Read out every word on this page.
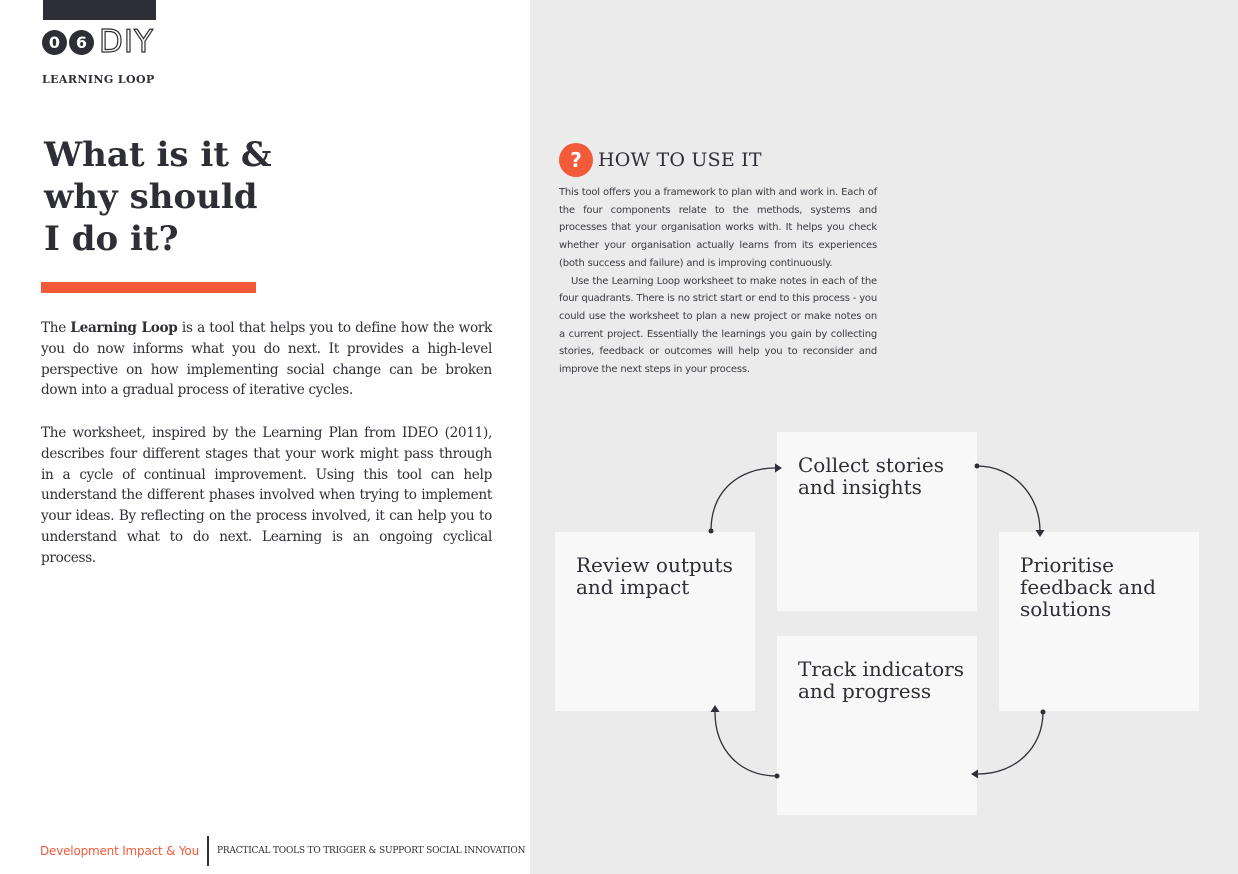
0 6 DIY
LEARNING LOOP
What is it &
why should
I do it?

The Learning Loop is a tool that helps you to define how the work you do now informs what you do next. It provides a high-level perspective on how implementing social change can be broken down into a gradual process of iterative cycles.

The worksheet, inspired by the Learning Plan from IDEO (2011), describes four different stages that your work might pass through in a cycle of continual improvement. Using this tool can help understand the different phases involved when trying to implement your ideas. By reflecting on the process involved, it can help you to understand what to do next. Learning is an ongoing cyclical process.

Development Impact & You PRACTICAL TOOLS TO TRIGGER & SUPPORT SOCIAL INNOVATION
? HOW TO USE IT

This tool offers you a framework to plan with and work in. Each of the four components relate to the methods, systems and processes that your organisation works with. It helps you check whether your organisation actually learns from its experiences (both success and failure) and is improving continuously.
Use the Learning Loop worksheet to make notes in each of the four quadrants. There is no strict start or end to this process - you could use the worksheet to plan a new project or make notes on a current project. Essentially the learnings you gain by collecting stories, feedback or outcomes will help you to reconsider and improve the next steps in your process.

Collect stories and insights

Prioritise feedback and solutions

Review outputs and impact

Track indicators and progress
